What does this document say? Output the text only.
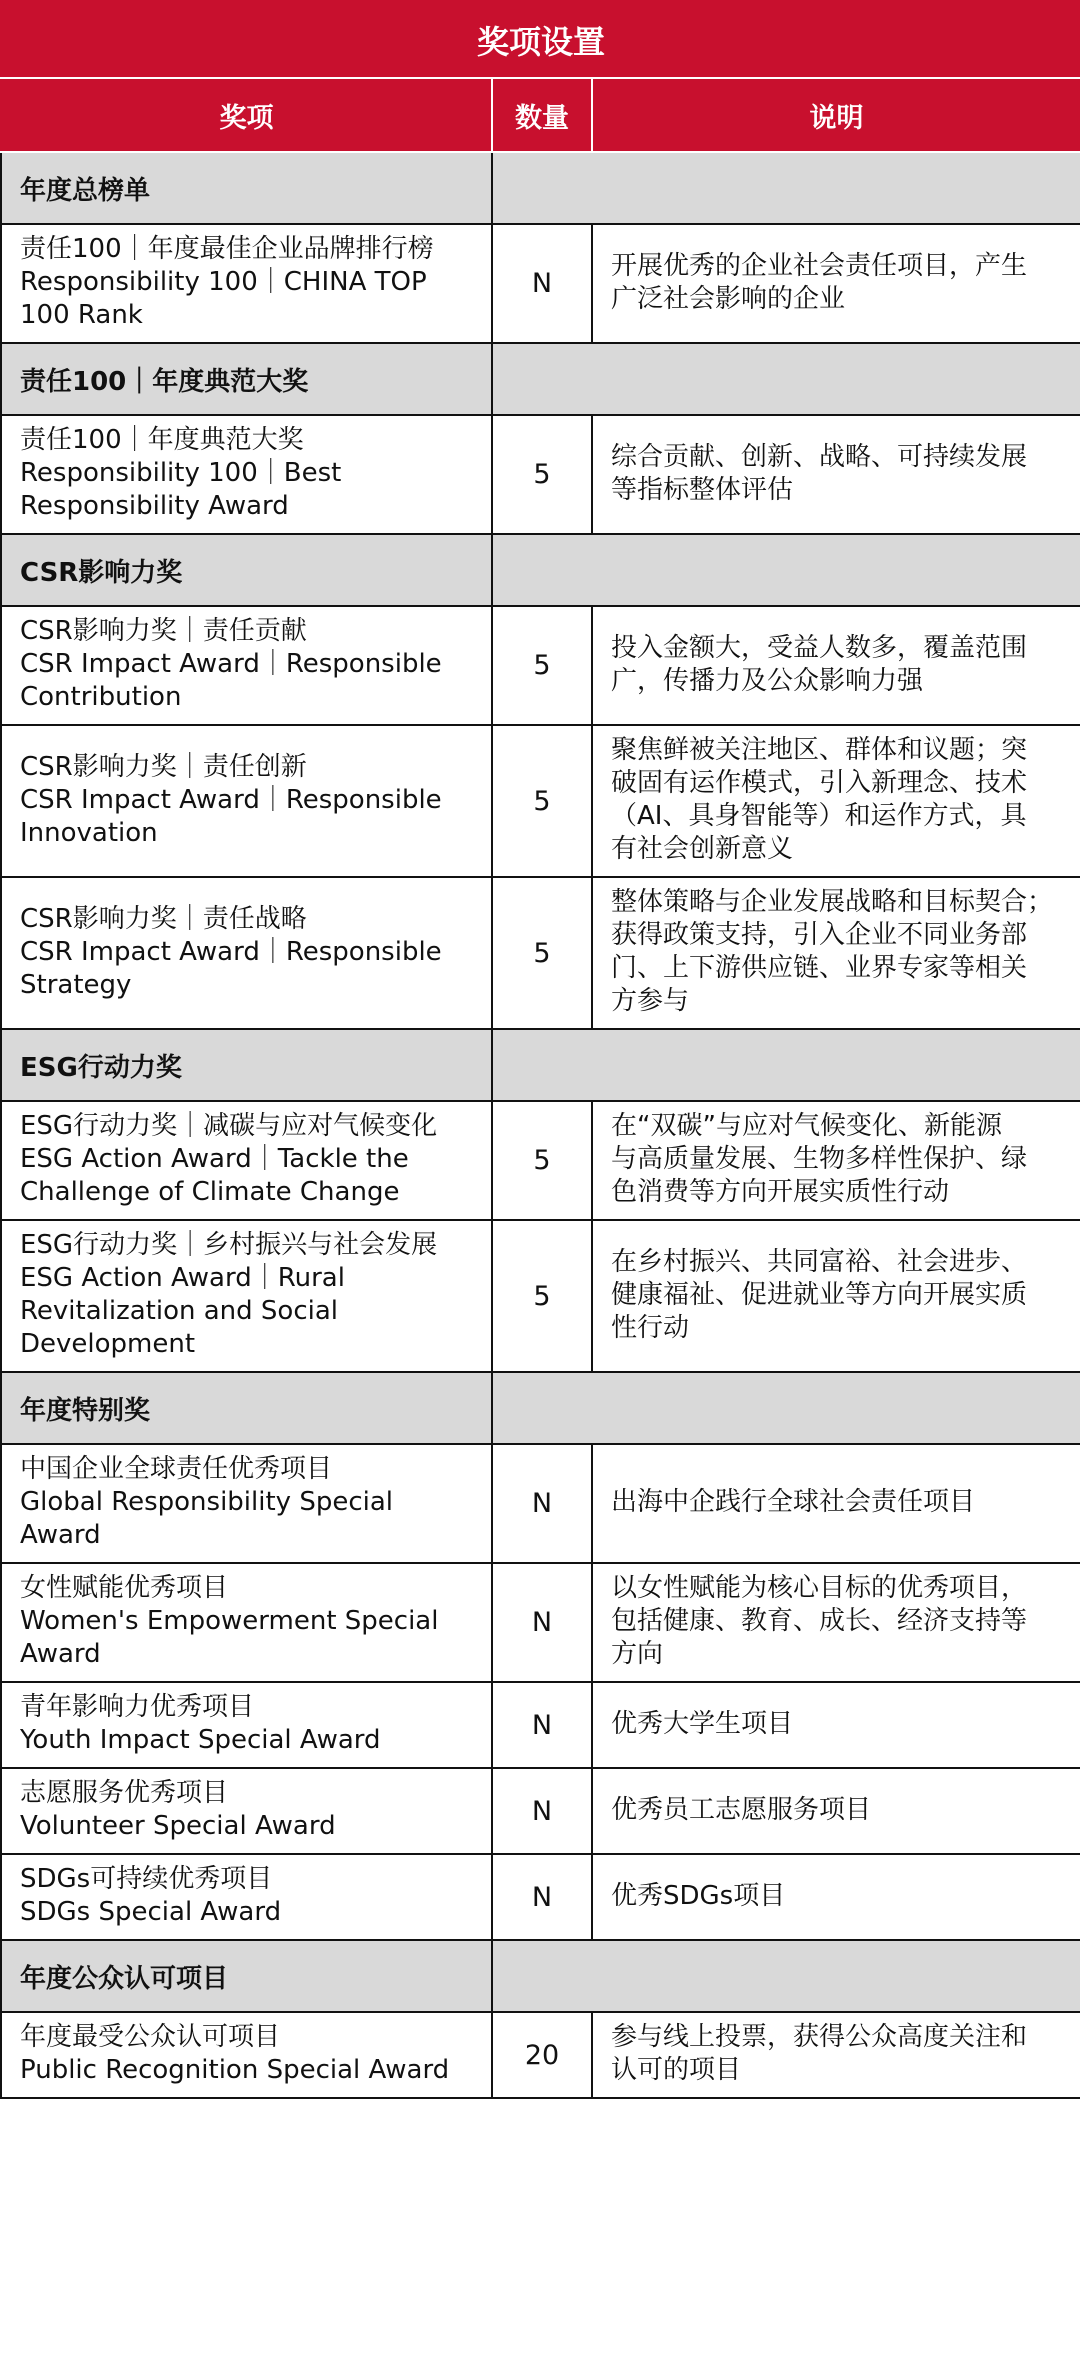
奖项设置		
奖项	数量	说明
年度总榜单		

责任100｜年度最佳企业品牌排行榜
Responsibility 100｜CHINA TOP
100 Rank	N	开展优秀的企业社会责任项目，产生
广泛社会影响的企业

责任100｜年度典范大奖		

责任100｜年度典范大奖
Responsibility 100｜Best
Responsibility Award	5	综合贡献、创新、战略、可持续发展
等指标整体评估

CSR影响力奖		

CSR影响力奖｜责任贡献
CSR Impact Award｜Responsible
Contribution	5	投入金额大，受益人数多，覆盖范围
广，传播力及公众影响力强

CSR影响力奖｜责任创新
CSR Impact Award｜Responsible
Innovation	5	聚焦鲜被关注地区、群体和议题；突
破固有运作模式，引入新理念、技术
（AI、具身智能等）和运作方式，具
有社会创新意义

CSR影响力奖｜责任战略
CSR Impact Award｜Responsible
Strategy	5	整体策略与企业发展战略和目标契合；
获得政策支持，引入企业不同业务部
门、上下游供应链、业界专家等相关
方参与

ESG行动力奖		

ESG行动力奖｜减碳与应对气候变化
ESG Action Award｜Tackle the
Challenge of Climate Change	5	在“双碳”与应对气候变化、新能源
与高质量发展、生物多样性保护、绿
色消费等方向开展实质性行动

ESG行动力奖｜乡村振兴与社会发展
ESG Action Award｜Rural
Revitalization and Social
Development	5	在乡村振兴、共同富裕、社会进步、
健康福祉、促进就业等方向开展实质
性行动

年度特别奖		

中国企业全球责任优秀项目
Global Responsibility Special
Award	N	出海中企践行全球社会责任项目

女性赋能优秀项目
Women's Empowerment Special
Award	N	以女性赋能为核心目标的优秀项目，
包括健康、教育、成长、经济支持等
方向

青年影响力优秀项目
Youth Impact Special Award	N	优秀大学生项目

志愿服务优秀项目
Volunteer Special Award	N	优秀员工志愿服务项目

SDGs可持续优秀项目
SDGs Special Award	N	优秀SDGs项目

年度公众认可项目		

年度最受公众认可项目
Public Recognition Special Award	20	参与线上投票，获得公众高度关注和
认可的项目
